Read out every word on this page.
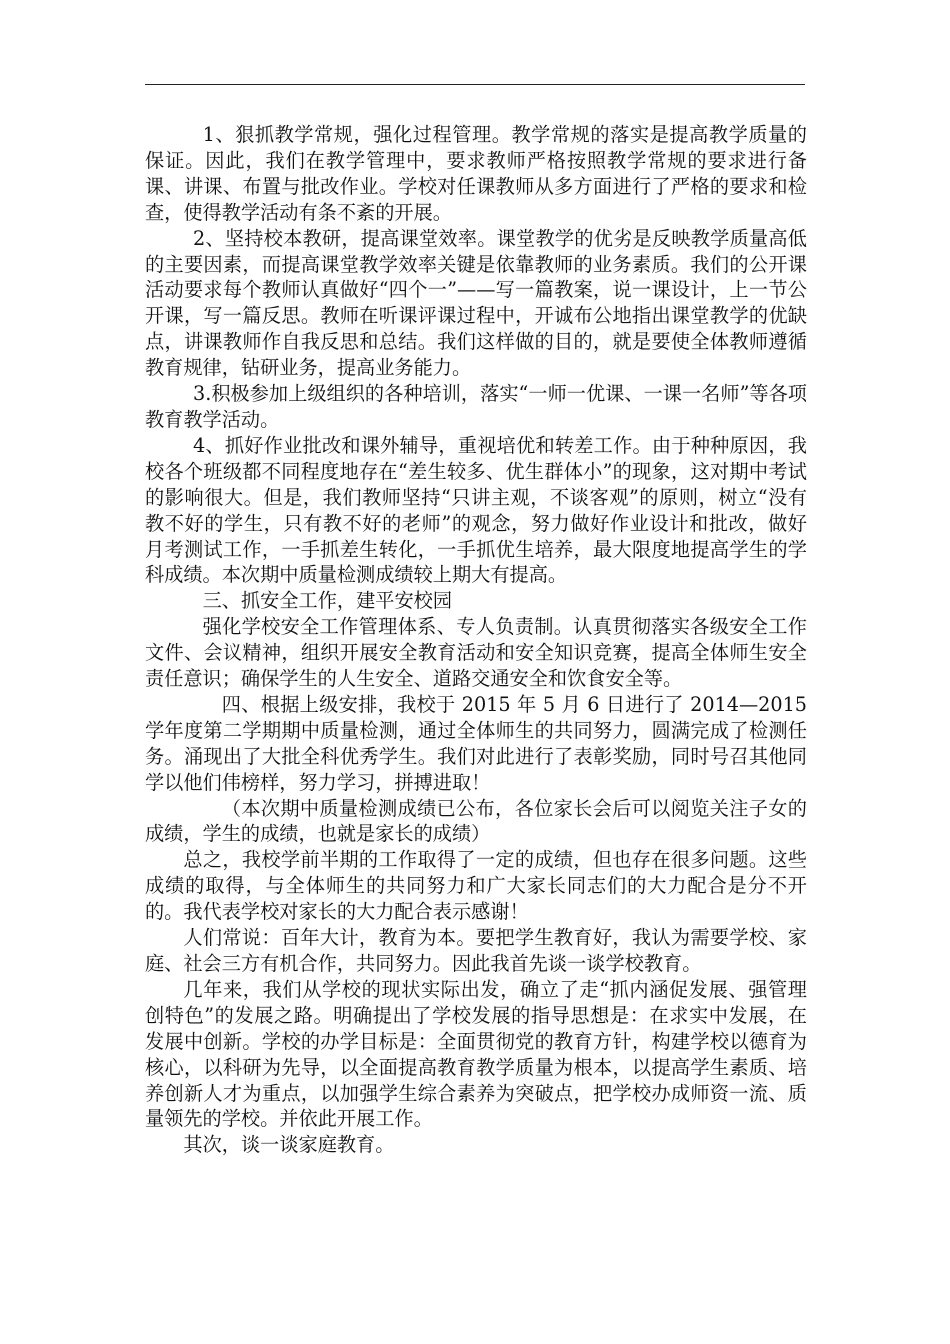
1、狠抓教学常规，强化过程管理。教学常规的落实是提高教学质量的保证。因此，我们在教学管理中，要求教师严格按照教学常规的要求进行备课、讲课、布置与批改作业。学校对任课教师从多方面进行了严格的要求和检查，使得教学活动有条不紊的开展。

2、坚持校本教研，提高课堂效率。课堂教学的优劣是反映教学质量高低的主要因素，而提高课堂教学效率关键是依靠教师的业务素质。我们的公开课活动要求每个教师认真做好“四个一”——写一篇教案，说一课设计，上一节公开课，写一篇反思。教师在听课评课过程中，开诚布公地指出课堂教学的优缺点，讲课教师作自我反思和总结。我们这样做的目的，就是要使全体教师遵循教育规律，钻研业务，提高业务能力。

3.积极参加上级组织的各种培训，落实“一师一优课、一课一名师”等各项教育教学活动。

4、抓好作业批改和课外辅导，重视培优和转差工作。由于种种原因，我校各个班级都不同程度地存在“差生较多、优生群体小”的现象，这对期中考试的影响很大。但是，我们教师坚持“只讲主观，不谈客观”的原则，树立“没有教不好的学生，只有教不好的老师”的观念，努力做好作业设计和批改，做好月考测试工作，一手抓差生转化，一手抓优生培养，最大限度地提高学生的学科成绩。本次期中质量检测成绩较上期大有提高。

三、抓安全工作，建平安校园

强化学校安全工作管理体系、专人负责制。认真贯彻落实各级安全工作文件、会议精神，组织开展安全教育活动和安全知识竞赛，提高全体师生安全责任意识；确保学生的人生安全、道路交通安全和饮食安全等。

四、根据上级安排，我校于 2015 年 5 月 6 日进行了 2014—2015 学年度第二学期期中质量检测，通过全体师生的共同努力，圆满完成了检测任务。涌现出了大批全科优秀学生。我们对此进行了表彰奖励，同时号召其他同学以他们伟榜样，努力学习，拼搏进取！

（本次期中质量检测成绩已公布，各位家长会后可以阅览关注子女的成绩，学生的成绩，也就是家长的成绩）

总之，我校学前半期的工作取得了一定的成绩，但也存在很多问题。这些成绩的取得，与全体师生的共同努力和广大家长同志们的大力配合是分不开的。我代表学校对家长的大力配合表示感谢！

人们常说：百年大计，教育为本。要把学生教育好，我认为需要学校、家庭、社会三方有机合作，共同努力。因此我首先谈一谈学校教育。

几年来，我们从学校的现状实际出发，确立了走“抓内涵促发展、强管理创特色”的发展之路。明确提出了学校发展的指导思想是：在求实中发展，在发展中创新。学校的办学目标是：全面贯彻党的教育方针，构建学校以德育为核心，以科研为先导，以全面提高教育教学质量为根本，以提高学生素质、培养创新人才为重点，以加强学生综合素养为突破点，把学校办成师资一流、质量领先的学校。并依此开展工作。

其次，谈一谈家庭教育。
